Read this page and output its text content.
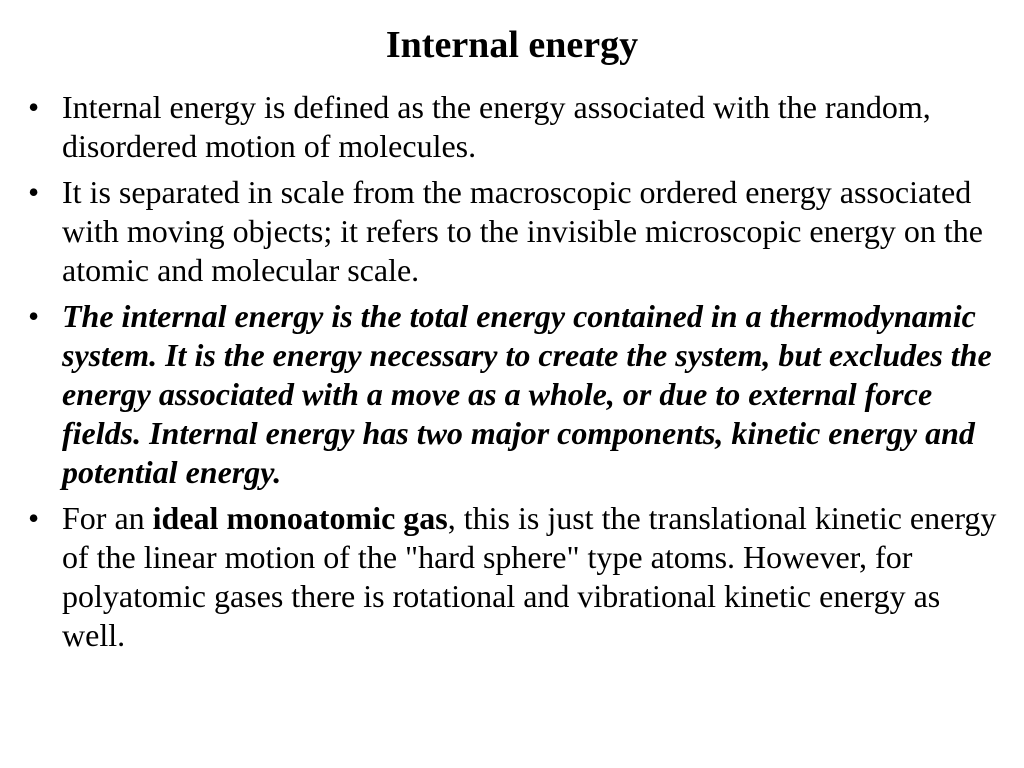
Internal energy
• Internal energy is defined as the energy associated with the random, disordered motion of molecules.
• It is separated in scale from the macroscopic ordered energy associated with moving objects; it refers to the invisible microscopic energy on the atomic and molecular scale.
• The internal energy is the total energy contained in a thermodynamic system. It is the energy necessary to create the system, but excludes the energy associated with a move as a whole, or due to external force fields. Internal energy has two major components, kinetic energy and potential energy.
• For an ideal monoatomic gas, this is just the translational kinetic energy of the linear motion of the "hard sphere" type atoms. However, for polyatomic gases there is rotational and vibrational kinetic energy as well.
